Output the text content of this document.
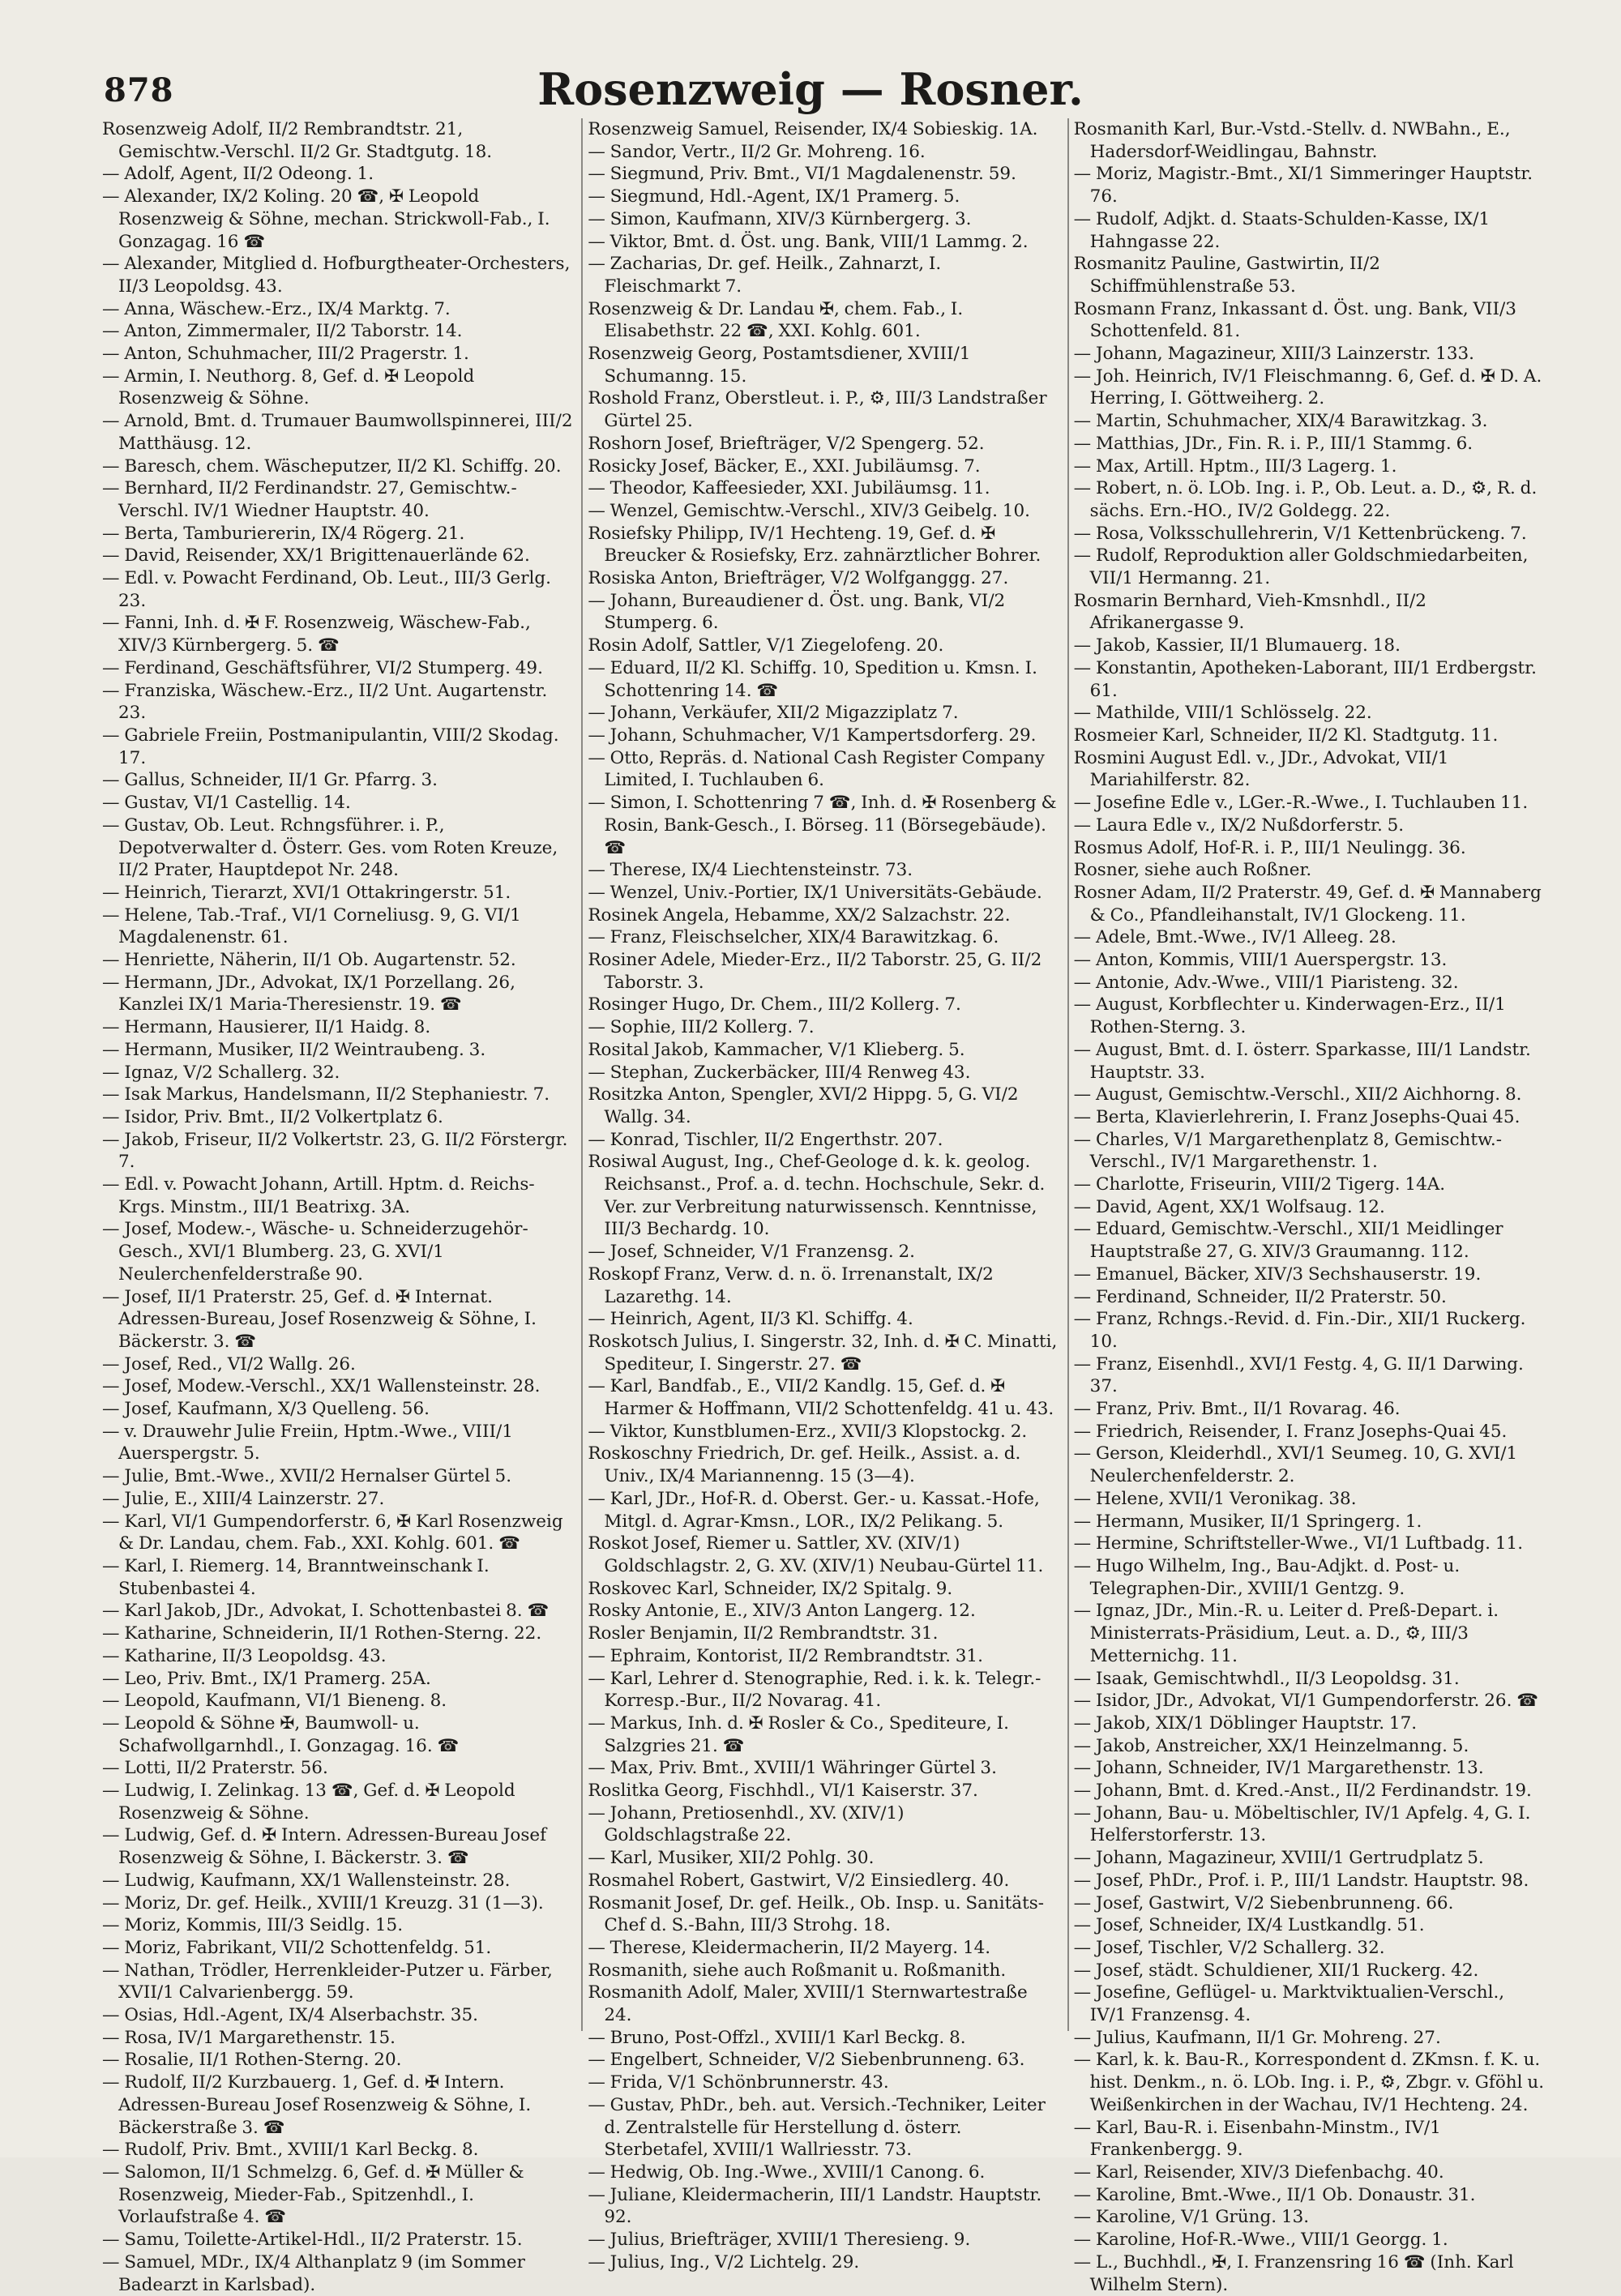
878	Rosenzweig — Rosner.

Rosenzweig Adolf, II/2 Rembrandtstr. 21, Gemischtw.-Verschl. II/2 Gr. Stadtgutg. 18.

— Adolf, Agent, II/2 Odeong. 1.

— Alexander, IX/2 Koling. 20 ☎, ✠ Leopold Rosenzweig & Söhne, mechan. Strickwoll-Fab., I. Gonzagag. 16 ☎

— Alexander, Mitglied d. Hofburgtheater-Orchesters, II/3 Leopoldsg. 43.

— Anna, Wäschew.-Erz., IX/4 Marktg. 7.

— Anton, Zimmermaler, II/2 Taborstr. 14.

— Anton, Schuhmacher, III/2 Pragerstr. 1.

— Armin, I. Neuthorg. 8, Gef. d. ✠ Leopold Rosenzweig & Söhne.

— Arnold, Bmt. d. Trumauer Baumwollspinnerei, III/2 Matthäusg. 12.

— Baresch, chem. Wäscheputzer, II/2 Kl. Schiffg. 20.

— Bernhard, II/2 Ferdinandstr. 27, Gemischtw.-Verschl. IV/1 Wiedner Hauptstr. 40.

— Berta, Tamburiererin, IX/4 Rögerg. 21.

— David, Reisender, XX/1 Brigittenauerlände 62.

— Edl. v. Powacht Ferdinand, Ob. Leut., III/3 Gerlg. 23.

— Fanni, Inh. d. ✠ F. Rosenzweig, Wäschew-Fab., XIV/3 Kürnbergerg. 5. ☎

— Ferdinand, Geschäftsführer, VI/2 Stumperg. 49.

— Franziska, Wäschew.-Erz., II/2 Unt. Augartenstr. 23.

— Gabriele Freiin, Postmanipulantin, VIII/2 Skodag. 17.

— Gallus, Schneider, II/1 Gr. Pfarrg. 3.

— Gustav, VI/1 Castellig. 14.

— Gustav, Ob. Leut. Rchngsführer. i. P., Depotverwalter d. Österr. Ges. vom Roten Kreuze, II/2 Prater, Hauptdepot Nr. 248.

— Heinrich, Tierarzt, XVI/1 Ottakringerstr. 51.

— Helene, Tab.-Traf., VI/1 Corneliusg. 9, G. VI/1 Magdalenenstr. 61.

— Henriette, Näherin, II/1 Ob. Augartenstr. 52.

— Hermann, JDr., Advokat, IX/1 Porzellang. 26, Kanzlei IX/1 Maria-Theresienstr. 19. ☎

— Hermann, Hausierer, II/1 Haidg. 8.

— Hermann, Musiker, II/2 Weintraubeng. 3.

— Ignaz, V/2 Schallerg. 32.

— Isak Markus, Handelsmann, II/2 Stephaniestr. 7.

— Isidor, Priv. Bmt., II/2 Volkertplatz 6.

— Jakob, Friseur, II/2 Volkertstr. 23, G. II/2 Förstergr. 7.

— Edl. v. Powacht Johann, Artill. Hptm. d. Reichs-Krgs. Minstm., III/1 Beatrixg. 3A.

— Josef, Modew.-, Wäsche- u. Schneiderzugehör-Gesch., XVI/1 Blumberg. 23, G. XVI/1 Neulerchenfelderstraße 90.

— Josef, II/1 Praterstr. 25, Gef. d. ✠ Internat. Adressen-Bureau, Josef Rosenzweig & Söhne, I. Bäckerstr. 3. ☎

— Josef, Red., VI/2 Wallg. 26.

— Josef, Modew.-Verschl., XX/1 Wallensteinstr. 28.

— Josef, Kaufmann, X/3 Quelleng. 56.

— v. Drauwehr Julie Freiin, Hptm.-Wwe., VIII/1 Auerspergstr. 5.

— Julie, Bmt.-Wwe., XVII/2 Hernalser Gürtel 5.

— Julie, E., XIII/4 Lainzerstr. 27.

— Karl, VI/1 Gumpendorferstr. 6, ✠ Karl Rosenzweig & Dr. Landau, chem. Fab., XXI. Kohlg. 601. ☎

— Karl, I. Riemerg. 14, Branntweinschank I. Stubenbastei 4.

— Karl Jakob, JDr., Advokat, I. Schottenbastei 8. ☎

— Katharine, Schneiderin, II/1 Rothen-Sterng. 22.

— Katharine, II/3 Leopoldsg. 43.

— Leo, Priv. Bmt., IX/1 Pramerg. 25A.

— Leopold, Kaufmann, VI/1 Bieneng. 8.

— Leopold & Söhne ✠, Baumwoll- u. Schafwollgarnhdl., I. Gonzagag. 16. ☎

— Lotti, II/2 Praterstr. 56.

— Ludwig, I. Zelinkag. 13 ☎, Gef. d. ✠ Leopold Rosenzweig & Söhne.

— Ludwig, Gef. d. ✠ Intern. Adressen-Bureau Josef Rosenzweig & Söhne, I. Bäckerstr. 3. ☎

— Ludwig, Kaufmann, XX/1 Wallensteinstr. 28.

— Moriz, Dr. gef. Heilk., XVIII/1 Kreuzg. 31 (1—3).

— Moriz, Kommis, III/3 Seidlg. 15.

— Moriz, Fabrikant, VII/2 Schottenfeldg. 51.

— Nathan, Trödler, Herrenkleider-Putzer u. Färber, XVII/1 Calvarienbergg. 59.

— Osias, Hdl.-Agent, IX/4 Alserbachstr. 35.

— Rosa, IV/1 Margarethenstr. 15.

— Rosalie, II/1 Rothen-Sterng. 20.

— Rudolf, II/2 Kurzbauerg. 1, Gef. d. ✠ Intern. Adressen-Bureau Josef Rosenzweig & Söhne, I. Bäckerstraße 3. ☎

— Rudolf, Priv. Bmt., XVIII/1 Karl Beckg. 8.

— Salomon, II/1 Schmelzg. 6, Gef. d. ✠ Müller & Rosenzweig, Mieder-Fab., Spitzenhdl., I. Vorlaufstraße 4. ☎

— Samu, Toilette-Artikel-Hdl., II/2 Praterstr. 15.

— Samuel, MDr., IX/4 Althanplatz 9 (im Sommer Badearzt in Karlsbad).

Rosenzweig Samuel, Reisender, IX/4 Sobieskig. 1A.

— Sandor, Vertr., II/2 Gr. Mohreng. 16.

— Siegmund, Priv. Bmt., VI/1 Magdalenenstr. 59.

— Siegmund, Hdl.-Agent, IX/1 Pramerg. 5.

— Simon, Kaufmann, XIV/3 Kürnbergerg. 3.

— Viktor, Bmt. d. Öst. ung. Bank, VIII/1 Lammg. 2.

— Zacharias, Dr. gef. Heilk., Zahnarzt, I. Fleischmarkt 7.

Rosenzweig & Dr. Landau ✠, chem. Fab., I. Elisabethstr. 22 ☎, XXI. Kohlg. 601.

Rosenzweig Georg, Postamtsdiener, XVIII/1 Schumanng. 15.

Roshold Franz, Oberstleut. i. P., ⚙, III/3 Landstraßer Gürtel 25.

Roshorn Josef, Briefträger, V/2 Spengerg. 52.

Rosicky Josef, Bäcker, E., XXI. Jubiläumsg. 7.

— Theodor, Kaffeesieder, XXI. Jubiläumsg. 11.

— Wenzel, Gemischtw.-Verschl., XIV/3 Geibelg. 10.

Rosiefsky Philipp, IV/1 Hechteng. 19, Gef. d. ✠ Breucker & Rosiefsky, Erz. zahnärztlicher Bohrer.

Rosiska Anton, Briefträger, V/2 Wolfganggg. 27.

— Johann, Bureaudiener d. Öst. ung. Bank, VI/2 Stumperg. 6.

Rosin Adolf, Sattler, V/1 Ziegelofeng. 20.

— Eduard, II/2 Kl. Schiffg. 10, Spedition u. Kmsn. I. Schottenring 14. ☎

— Johann, Verkäufer, XII/2 Migazziplatz 7.

— Johann, Schuhmacher, V/1 Kampertsdorferg. 29.

— Otto, Repräs. d. National Cash Register Company Limited, I. Tuchlauben 6.

— Simon, I. Schottenring 7 ☎, Inh. d. ✠ Rosenberg & Rosin, Bank-Gesch., I. Börseg. 11 (Börsegebäude). ☎

— Therese, IX/4 Liechtensteinstr. 73.

— Wenzel, Univ.-Portier, IX/1 Universitäts-Gebäude.

Rosinek Angela, Hebamme, XX/2 Salzachstr. 22.

— Franz, Fleischselcher, XIX/4 Barawitzkag. 6.

Rosiner Adele, Mieder-Erz., II/2 Taborstr. 25, G. II/2 Taborstr. 3.

Rosinger Hugo, Dr. Chem., III/2 Kollerg. 7.

— Sophie, III/2 Kollerg. 7.

Rosital Jakob, Kammacher, V/1 Klieberg. 5.

— Stephan, Zuckerbäcker, III/4 Renweg 43.

Rositzka Anton, Spengler, XVI/2 Hippg. 5, G. VI/2 Wallg. 34.

— Konrad, Tischler, II/2 Engerthstr. 207.

Rosiwal August, Ing., Chef-Geologe d. k. k. geolog. Reichsanst., Prof. a. d. techn. Hochschule, Sekr. d. Ver. zur Verbreitung naturwissensch. Kenntnisse, III/3 Bechardg. 10.

— Josef, Schneider, V/1 Franzensg. 2.

Roskopf Franz, Verw. d. n. ö. Irrenanstalt, IX/2 Lazarethg. 14.

— Heinrich, Agent, II/3 Kl. Schiffg. 4.

Roskotsch Julius, I. Singerstr. 32, Inh. d. ✠ C. Minatti, Spediteur, I. Singerstr. 27. ☎

— Karl, Bandfab., E., VII/2 Kandlg. 15, Gef. d. ✠ Harmer & Hoffmann, VII/2 Schottenfeldg. 41 u. 43.

— Viktor, Kunstblumen-Erz., XVII/3 Klopstockg. 2.

Roskoschny Friedrich, Dr. gef. Heilk., Assist. a. d. Univ., IX/4 Mariannenng. 15 (3—4).

— Karl, JDr., Hof-R. d. Oberst. Ger.- u. Kassat.-Hofe, Mitgl. d. Agrar-Kmsn., LOR., IX/2 Pelikang. 5.

Roskot Josef, Riemer u. Sattler, XV. (XIV/1) Goldschlagstr. 2, G. XV. (XIV/1) Neubau-Gürtel 11.

Roskovec Karl, Schneider, IX/2 Spitalg. 9.

Rosky Antonie, E., XIV/3 Anton Langerg. 12.

Rosler Benjamin, II/2 Rembrandtstr. 31.

— Ephraim, Kontorist, II/2 Rembrandtstr. 31.

— Karl, Lehrer d. Stenographie, Red. i. k. k. Telegr.-Korresp.-Bur., II/2 Novarag. 41.

— Markus, Inh. d. ✠ Rosler & Co., Spediteure, I. Salzgries 21. ☎

— Max, Priv. Bmt., XVIII/1 Währinger Gürtel 3.

Roslitka Georg, Fischhdl., VI/1 Kaiserstr. 37.

— Johann, Pretiosenhdl., XV. (XIV/1) Goldschlagstraße 22.

— Karl, Musiker, XII/2 Pohlg. 30.

Rosmahel Robert, Gastwirt, V/2 Einsiedlerg. 40.

Rosmanit Josef, Dr. gef. Heilk., Ob. Insp. u. Sanitäts-Chef d. S.-Bahn, III/3 Strohg. 18.

— Therese, Kleidermacherin, II/2 Mayerg. 14.

Rosmanith, siehe auch Roßmanit u. Roßmanith.

Rosmanith Adolf, Maler, XVIII/1 Sternwartestraße 24.

— Bruno, Post-Offzl., XVIII/1 Karl Beckg. 8.

— Engelbert, Schneider, V/2 Siebenbrunneng. 63.

— Frida, V/1 Schönbrunnerstr. 43.

— Gustav, PhDr., beh. aut. Versich.-Techniker, Leiter d. Zentralstelle für Herstellung d. österr. Sterbetafel, XVIII/1 Wallriesstr. 73.

— Hedwig, Ob. Ing.-Wwe., XVIII/1 Canong. 6.

— Juliane, Kleidermacherin, III/1 Landstr. Hauptstr. 92.

— Julius, Briefträger, XVIII/1 Theresieng. 9.

— Julius, Ing., V/2 Lichtelg. 29.

Rosmanith Karl, Bur.-Vstd.-Stellv. d. NWBahn., E., Hadersdorf-Weidlingau, Bahnstr.

— Moriz, Magistr.-Bmt., XI/1 Simmeringer Hauptstr. 76.

— Rudolf, Adjkt. d. Staats-Schulden-Kasse, IX/1 Hahngasse 22.

Rosmanitz Pauline, Gastwirtin, II/2 Schiffmühlenstraße 53.

Rosmann Franz, Inkassant d. Öst. ung. Bank, VII/3 Schottenfeld. 81.

— Johann, Magazineur, XIII/3 Lainzerstr. 133.

— Joh. Heinrich, IV/1 Fleischmanng. 6, Gef. d. ✠ D. A. Herring, I. Göttweiherg. 2.

— Martin, Schuhmacher, XIX/4 Barawitzkag. 3.

— Matthias, JDr., Fin. R. i. P., III/1 Stammg. 6.

— Max, Artill. Hptm., III/3 Lagerg. 1.

— Robert, n. ö. LOb. Ing. i. P., Ob. Leut. a. D., ⚙, R. d. sächs. Ern.-HO., IV/2 Goldegg. 22.

— Rosa, Volksschullehrerin, V/1 Kettenbrückeng. 7.

— Rudolf, Reproduktion aller Goldschmiedarbeiten, VII/1 Hermanng. 21.

Rosmarin Bernhard, Vieh-Kmsnhdl., II/2 Afrikanergasse 9.

— Jakob, Kassier, II/1 Blumauerg. 18.

— Konstantin, Apotheken-Laborant, III/1 Erdbergstr. 61.

— Mathilde, VIII/1 Schlösselg. 22.

Rosmeier Karl, Schneider, II/2 Kl. Stadtgutg. 11.

Rosmini August Edl. v., JDr., Advokat, VII/1 Mariahilferstr. 82.

— Josefine Edle v., LGer.-R.-Wwe., I. Tuchlauben 11.

— Laura Edle v., IX/2 Nußdorferstr. 5.

Rosmus Adolf, Hof-R. i. P., III/1 Neulingg. 36.

Rosner, siehe auch Roßner.

Rosner Adam, II/2 Praterstr. 49, Gef. d. ✠ Mannaberg & Co., Pfandleihanstalt, IV/1 Glockeng. 11.

— Adele, Bmt.-Wwe., IV/1 Alleeg. 28.

— Anton, Kommis, VIII/1 Auerspergstr. 13.

— Antonie, Adv.-Wwe., VIII/1 Piaristeng. 32.

— August, Korbflechter u. Kinderwagen-Erz., II/1 Rothen-Sterng. 3.

— August, Bmt. d. I. österr. Sparkasse, III/1 Landstr. Hauptstr. 33.

— August, Gemischtw.-Verschl., XII/2 Aichhorng. 8.

— Berta, Klavierlehrerin, I. Franz Josephs-Quai 45.

— Charles, V/1 Margarethenplatz 8, Gemischtw.-Verschl., IV/1 Margarethenstr. 1.

— Charlotte, Friseurin, VIII/2 Tigerg. 14A.

— David, Agent, XX/1 Wolfsaug. 12.

— Eduard, Gemischtw.-Verschl., XII/1 Meidlinger Hauptstraße 27, G. XIV/3 Graumanng. 112.

— Emanuel, Bäcker, XIV/3 Sechshauserstr. 19.

— Ferdinand, Schneider, II/2 Praterstr. 50.

— Franz, Rchngs.-Revid. d. Fin.-Dir., XII/1 Ruckerg. 10.

— Franz, Eisenhdl., XVI/1 Festg. 4, G. II/1 Darwing. 37.

— Franz, Priv. Bmt., II/1 Rovarag. 46.

— Friedrich, Reisender, I. Franz Josephs-Quai 45.

— Gerson, Kleiderhdl., XVI/1 Seumeg. 10, G. XVI/1 Neulerchenfelderstr. 2.

— Helene, XVII/1 Veronikag. 38.

— Hermann, Musiker, II/1 Springerg. 1.

— Hermine, Schriftsteller-Wwe., VI/1 Luftbadg. 11.

— Hugo Wilhelm, Ing., Bau-Adjkt. d. Post- u. Telegraphen-Dir., XVIII/1 Gentzg. 9.

— Ignaz, JDr., Min.-R. u. Leiter d. Preß-Depart. i. Ministerrats-Präsidium, Leut. a. D., ⚙, III/3 Metternichg. 11.

— Isaak, Gemischtwhdl., II/3 Leopoldsg. 31.

— Isidor, JDr., Advokat, VI/1 Gumpendorferstr. 26. ☎

— Jakob, XIX/1 Döblinger Hauptstr. 17.

— Jakob, Anstreicher, XX/1 Heinzelmanng. 5.

— Johann, Schneider, IV/1 Margarethenstr. 13.

— Johann, Bmt. d. Kred.-Anst., II/2 Ferdinandstr. 19.

— Johann, Bau- u. Möbeltischler, IV/1 Apfelg. 4, G. I. Helferstorferstr. 13.

— Johann, Magazineur, XVIII/1 Gertrudplatz 5.

— Josef, PhDr., Prof. i. P., III/1 Landstr. Hauptstr. 98.

— Josef, Gastwirt, V/2 Siebenbrunneng. 66.

— Josef, Schneider, IX/4 Lustkandlg. 51.

— Josef, Tischler, V/2 Schallerg. 32.

— Josef, städt. Schuldiener, XII/1 Ruckerg. 42.

— Josefine, Geflügel- u. Marktviktualien-Verschl., IV/1 Franzensg. 4.

— Julius, Kaufmann, II/1 Gr. Mohreng. 27.

— Karl, k. k. Bau-R., Korrespondent d. ZKmsn. f. K. u. hist. Denkm., n. ö. LOb. Ing. i. P., ⚙, Zbgr. v. Gföhl u. Weißenkirchen in der Wachau, IV/1 Hechteng. 24.

— Karl, Bau-R. i. Eisenbahn-Minstm., IV/1 Frankenbergg. 9.

— Karl, Reisender, XIV/3 Diefenbachg. 40.

— Karoline, Bmt.-Wwe., II/1 Ob. Donaustr. 31.

— Karoline, V/1 Grüng. 13.

— Karoline, Hof-R.-Wwe., VIII/1 Georgg. 1.

— L., Buchhdl., ✠, I. Franzensring 16 ☎ (Inh. Karl Wilhelm Stern).
